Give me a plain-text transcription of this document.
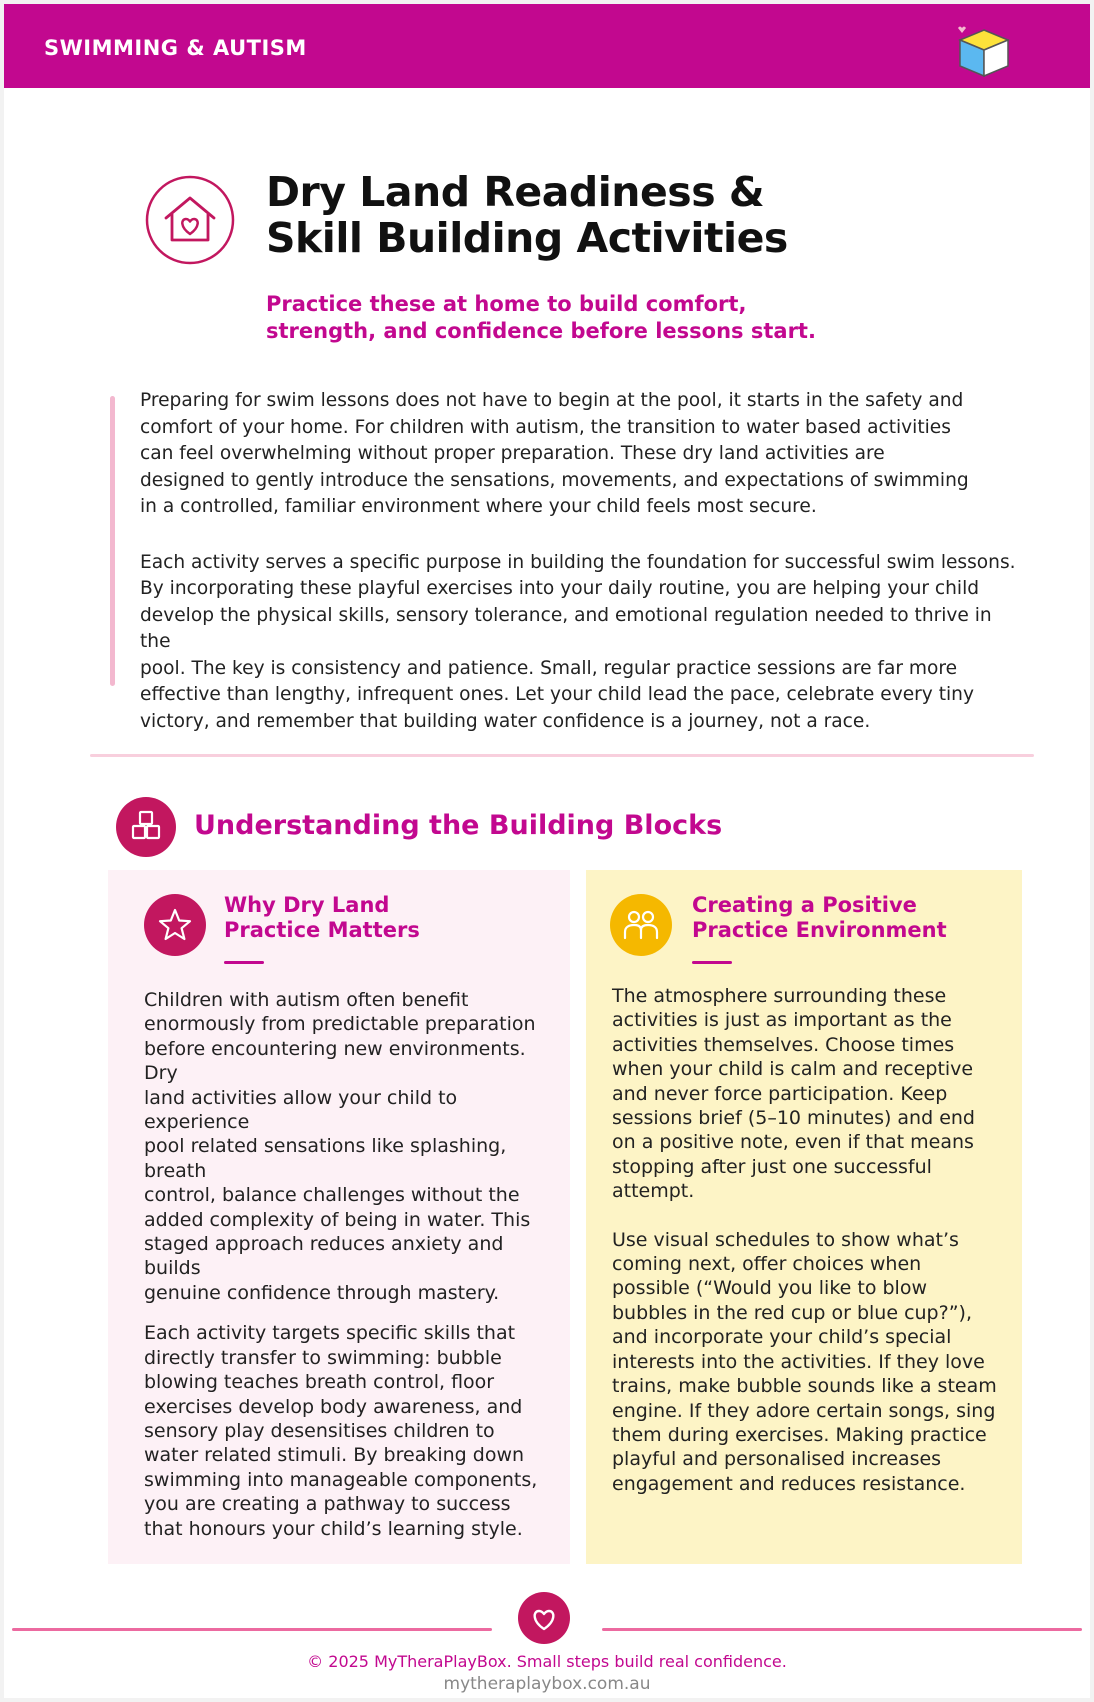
SWIMMING & AUTISM
Dry Land Readiness &
Skill Building Activities
Practice these at home to build comfort,
strength, and confidence before lessons start.

Preparing for swim lessons does not have to begin at the pool, it starts in the safety and
comfort of your home. For children with autism, the transition to water based activities
can feel overwhelming without proper preparation. These dry land activities are
designed to gently introduce the sensations, movements, and expectations of swimming
in a controlled, familiar environment where your child feels most secure.

Each activity serves a specific purpose in building the foundation for successful swim lessons.
By incorporating these playful exercises into your daily routine, you are helping your child
develop the physical skills, sensory tolerance, and emotional regulation needed to thrive in the
pool. The key is consistency and patience. Small, regular practice sessions are far more
effective than lengthy, infrequent ones. Let your child lead the pace, celebrate every tiny
victory, and remember that building water confidence is a journey, not a race.

Understanding the Building Blocks
Why Dry Land
Practice Matters

Children with autism often benefit
enormously from predictable preparation
before encountering new environments. Dry
land activities allow your child to experience
pool related sensations like splashing, breath
control, balance challenges without the
added complexity of being in water. This
staged approach reduces anxiety and builds
genuine confidence through mastery.

Each activity targets specific skills that
directly transfer to swimming: bubble
blowing teaches breath control, floor
exercises develop body awareness, and
sensory play desensitises children to
water related stimuli. By breaking down
swimming into manageable components,
you are creating a pathway to success
that honours your child’s learning style.

Creating a Positive
Practice Environment

The atmosphere surrounding these
activities is just as important as the
activities themselves. Choose times
when your child is calm and receptive
and never force participation. Keep
sessions brief (5–10 minutes) and end
on a positive note, even if that means
stopping after just one successful
attempt.

Use visual schedules to show what’s
coming next, offer choices when
possible (“Would you like to blow
bubbles in the red cup or blue cup?”),
and incorporate your child’s special
interests into the activities. If they love
trains, make bubble sounds like a steam
engine. If they adore certain songs, sing
them during exercises. Making practice
playful and personalised increases
engagement and reduces resistance.

© 2025 MyTheraPlayBox. Small steps build real confidence.
mytheraplaybox.com.au
